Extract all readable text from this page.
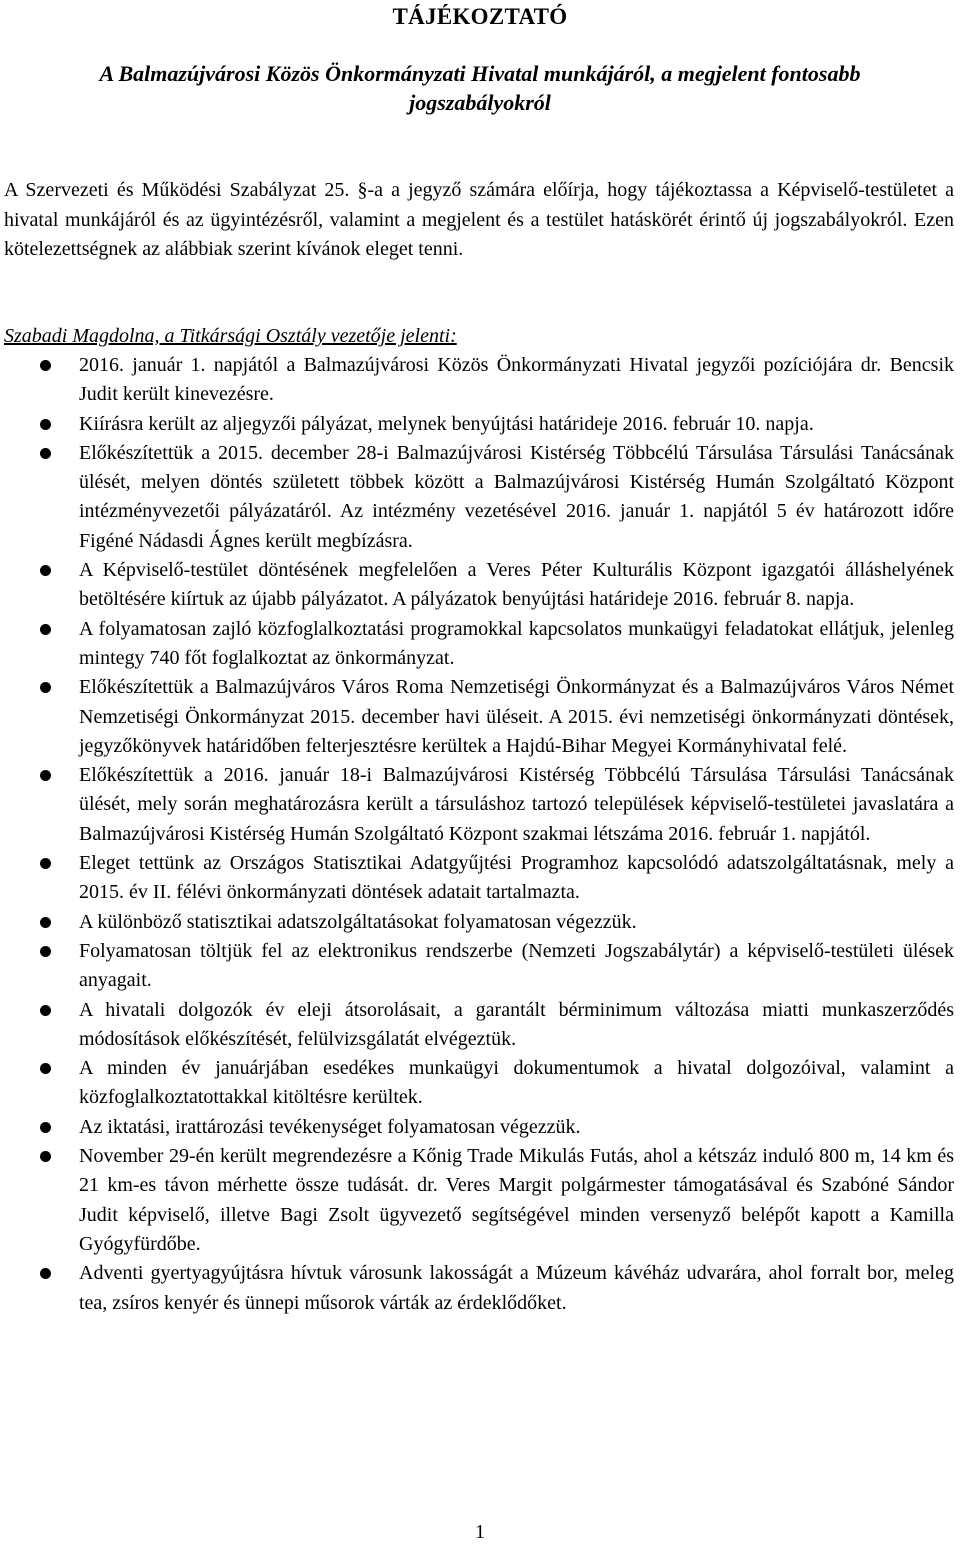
TÁJÉKOZTATÓ
A Balmazújvárosi Közös Önkormányzati Hivatal munkájáról, a megjelent fontosabb jogszabályokról

A Szervezeti és Működési Szabályzat 25. §-a a jegyző számára előírja, hogy tájékoztassa a Képviselő-testületet a hivatal munkájáról és az ügyintézésről, valamint a megjelent és a testület hatáskörét érintő új jogszabályokról. Ezen kötelezettségnek az alábbiak szerint kívánok eleget tenni.

Szabadi Magdolna, a Titkársági Osztály vezetője jelenti:

2016. január 1. napjától a Balmazújvárosi Közös Önkormányzati Hivatal jegyzői pozíciójára dr. Bencsik Judit került kinevezésre.
Kiírásra került az aljegyzői pályázat, melynek benyújtási határideje 2016. február 10. napja.
Előkészítettük a 2015. december 28-i Balmazújvárosi Kistérség Többcélú Társulása Társulási Tanácsának ülését, melyen döntés született többek között a Balmazújvárosi Kistérség Humán Szolgáltató Központ intézményvezetői pályázatáról. Az intézmény vezetésével 2016. január 1. napjától 5 év határozott időre Figéné Nádasdi Ágnes került megbízásra.
A Képviselő-testület döntésének megfelelően a Veres Péter Kulturális Központ igazgatói álláshelyének betöltésére kiírtuk az újabb pályázatot. A pályázatok benyújtási határideje 2016. február 8. napja.
A folyamatosan zajló közfoglalkoztatási programokkal kapcsolatos munkaügyi feladatokat ellátjuk, jelenleg mintegy 740 főt foglalkoztat az önkormányzat.
Előkészítettük a Balmazújváros Város Roma Nemzetiségi Önkormányzat és a Balmazújváros Város Német Nemzetiségi Önkormányzat 2015. december havi üléseit. A 2015. évi nemzetiségi önkormányzati döntések, jegyzőkönyvek határidőben felterjesztésre kerültek a Hajdú-Bihar Megyei Kormányhivatal felé.
Előkészítettük a 2016. január 18-i Balmazújvárosi Kistérség Többcélú Társulása Társulási Tanácsának ülését, mely során meghatározásra került a társuláshoz tartozó települések képviselő-testületei javaslatára a Balmazújvárosi Kistérség Humán Szolgáltató Központ szakmai létszáma 2016. február 1. napjától.
Eleget tettünk az Országos Statisztikai Adatgyűjtési Programhoz kapcsolódó adatszolgáltatásnak, mely a 2015. év II. félévi önkormányzati döntések adatait tartalmazta.
A különböző statisztikai adatszolgáltatásokat folyamatosan végezzük.
Folyamatosan töltjük fel az elektronikus rendszerbe (Nemzeti Jogszabálytár) a képviselő-testületi ülések anyagait.
A hivatali dolgozók év eleji átsorolásait, a garantált bérminimum változása miatti munkaszerződés módosítások előkészítését, felülvizsgálatát elvégeztük.
A minden év januárjában esedékes munkaügyi dokumentumok a hivatal dolgozóival, valamint a közfoglalkoztatottakkal kitöltésre kerültek.
Az iktatási, irattározási tevékenységet folyamatosan végezzük.
November 29-én került megrendezésre a Kőnig Trade Mikulás Futás, ahol a kétszáz induló 800 m, 14 km és 21 km-es távon mérhette össze tudását. dr. Veres Margit polgármester támogatásával és Szabóné Sándor Judit képviselő, illetve Bagi Zsolt ügyvezető segítségével minden versenyző belépőt kapott a Kamilla Gyógyfürdőbe.
Adventi gyertyagyújtásra hívtuk városunk lakosságát a Múzeum kávéház udvarára, ahol forralt bor, meleg tea, zsíros kenyér és ünnepi műsorok várták az érdeklődőket.

1
